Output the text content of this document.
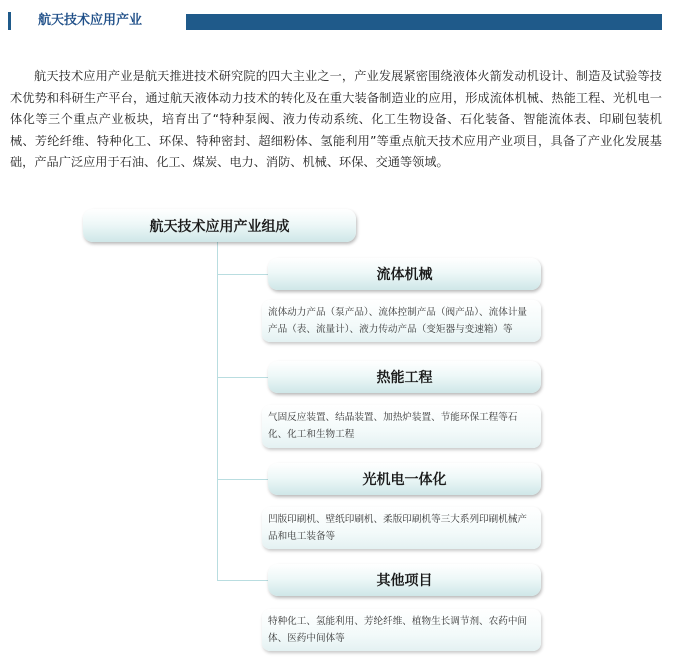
航天技术应用产业

航天技术应用产业是航天推进技术研究院的四大主业之一，产业发展紧密围绕液体火箭发动机设计、制造及试验等技术优势和科研生产平台，通过航天液体动力技术的转化及在重大装备制造业的应用，形成流体机械、热能工程、光机电一体化等三个重点产业板块，培育出了“特种泵阀、液力传动系统、化工生物设备、石化装备、智能流体表、印刷包装机械、芳纶纤维、特种化工、环保、特种密封、超细粉体、氢能利用”等重点航天技术应用产业项目，具备了产业化发展基础，产品广泛应用于石油、化工、煤炭、电力、消防、机械、环保、交通等领域。

航天技术应用产业组成
流体机械
流体动力产品（泵产品）、流体控制产品（阀产品）、流体计量产品（表、流量计）、液力传动产品（变矩器与变速箱）等
热能工程
气固反应装置、结晶装置、加热炉装置、节能环保工程等石化、化工和生物工程
光机电一体化
凹版印刷机、壁纸印刷机、柔版印刷机等三大系列印刷机械产品和电工装备等
其他项目
特种化工、氢能利用、芳纶纤维、植物生长调节剂、农药中间体、医药中间体等
